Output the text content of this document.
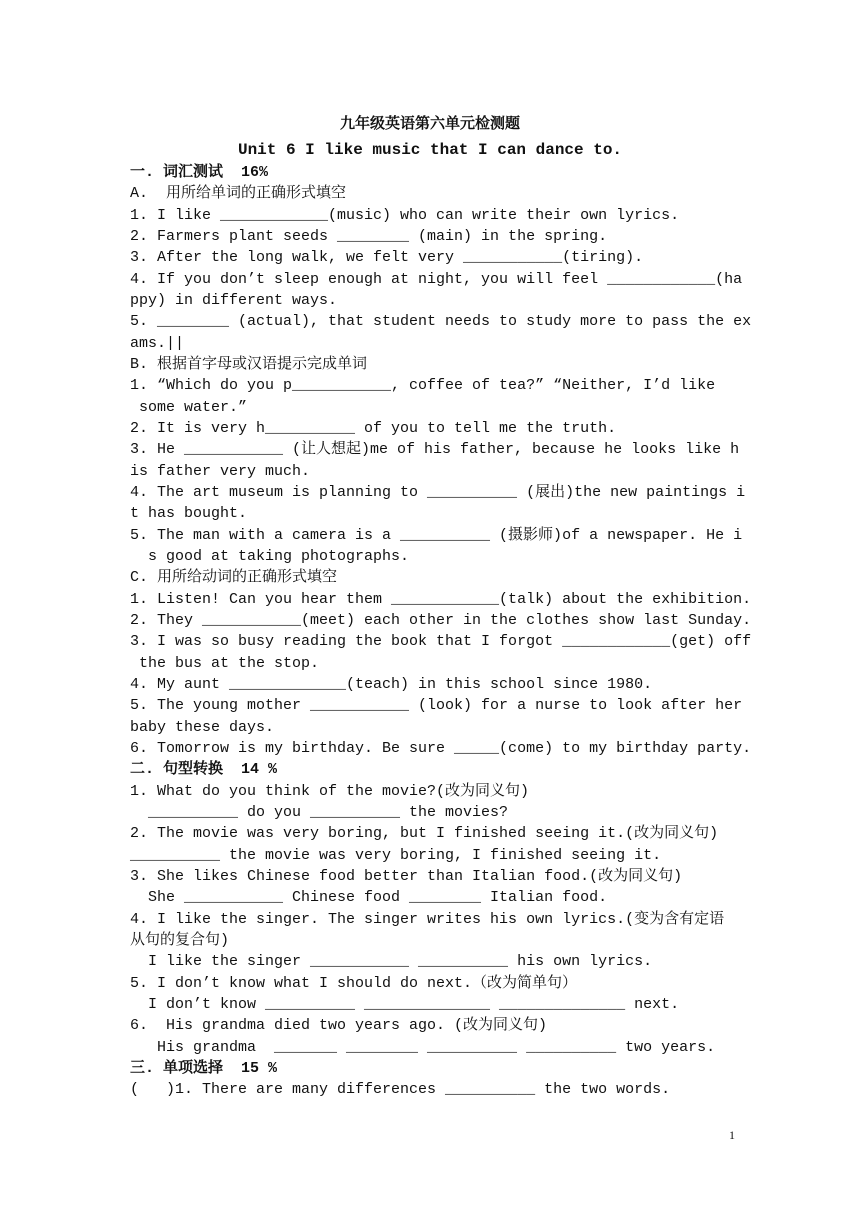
九年级英语第六单元检测题
Unit 6 I like music that I can dance to.
一. 词汇测试  16%
A.  用所给单词的正确形式填空
1. I like ____________(music) who can write their own lyrics.
2. Farmers plant seeds ________ (main) in the spring.
3. After the long walk, we felt very ___________(tiring).
4. If you don’t sleep enough at night, you will feel ____________(ha
ppy) in different ways.
5. ________ (actual), that student needs to study more to pass the ex
ams.||
B. 根据首字母或汉语提示完成单词
1. “Which do you p___________, coffee of tea?” “Neither, I’d like
some water.”
2. It is very h__________ of you to tell me the truth.
3. He ___________ (让人想起)me of his father, because he looks like h
is father very much.
4. The art museum is planning to __________ (展出)the new paintings i
t has bought.
5. The man with a camera is a __________ (摄影师)of a newspaper. He i
s good at taking photographs.
C. 用所给动词的正确形式填空
1. Listen! Can you hear them ____________(talk) about the exhibition.
2. They ___________(meet) each other in the clothes show last Sunday.
3. I was so busy reading the book that I forgot ____________(get) off
the bus at the stop.
4. My aunt _____________(teach) in this school since 1980.
5. The young mother ___________ (look) for a nurse to look after her
baby these days.
6. Tomorrow is my birthday. Be sure _____(come) to my birthday party.
二. 句型转换  14 %
1. What do you think of the movie?(改为同义句)
__________ do you __________ the movies?
2. The movie was very boring, but I finished seeing it.(改为同义句)
__________ the movie was very boring, I finished seeing it.
3. She likes Chinese food better than Italian food.(改为同义句)
She ___________ Chinese food ________ Italian food.
4. I like the singer. The singer writes his own lyrics.(变为含有定语
从句的复合句)
I like the singer ___________ __________ his own lyrics.
5. I don’t know what I should do next.（改为简单句）
I don’t know __________ ______________ ______________ next.
6.  His grandma died two years ago. (改为同义句)
His grandma  _______ ________ __________ __________ two years.
三. 单项选择  15 %
(   )1. There are many differences __________ the two words.
1
